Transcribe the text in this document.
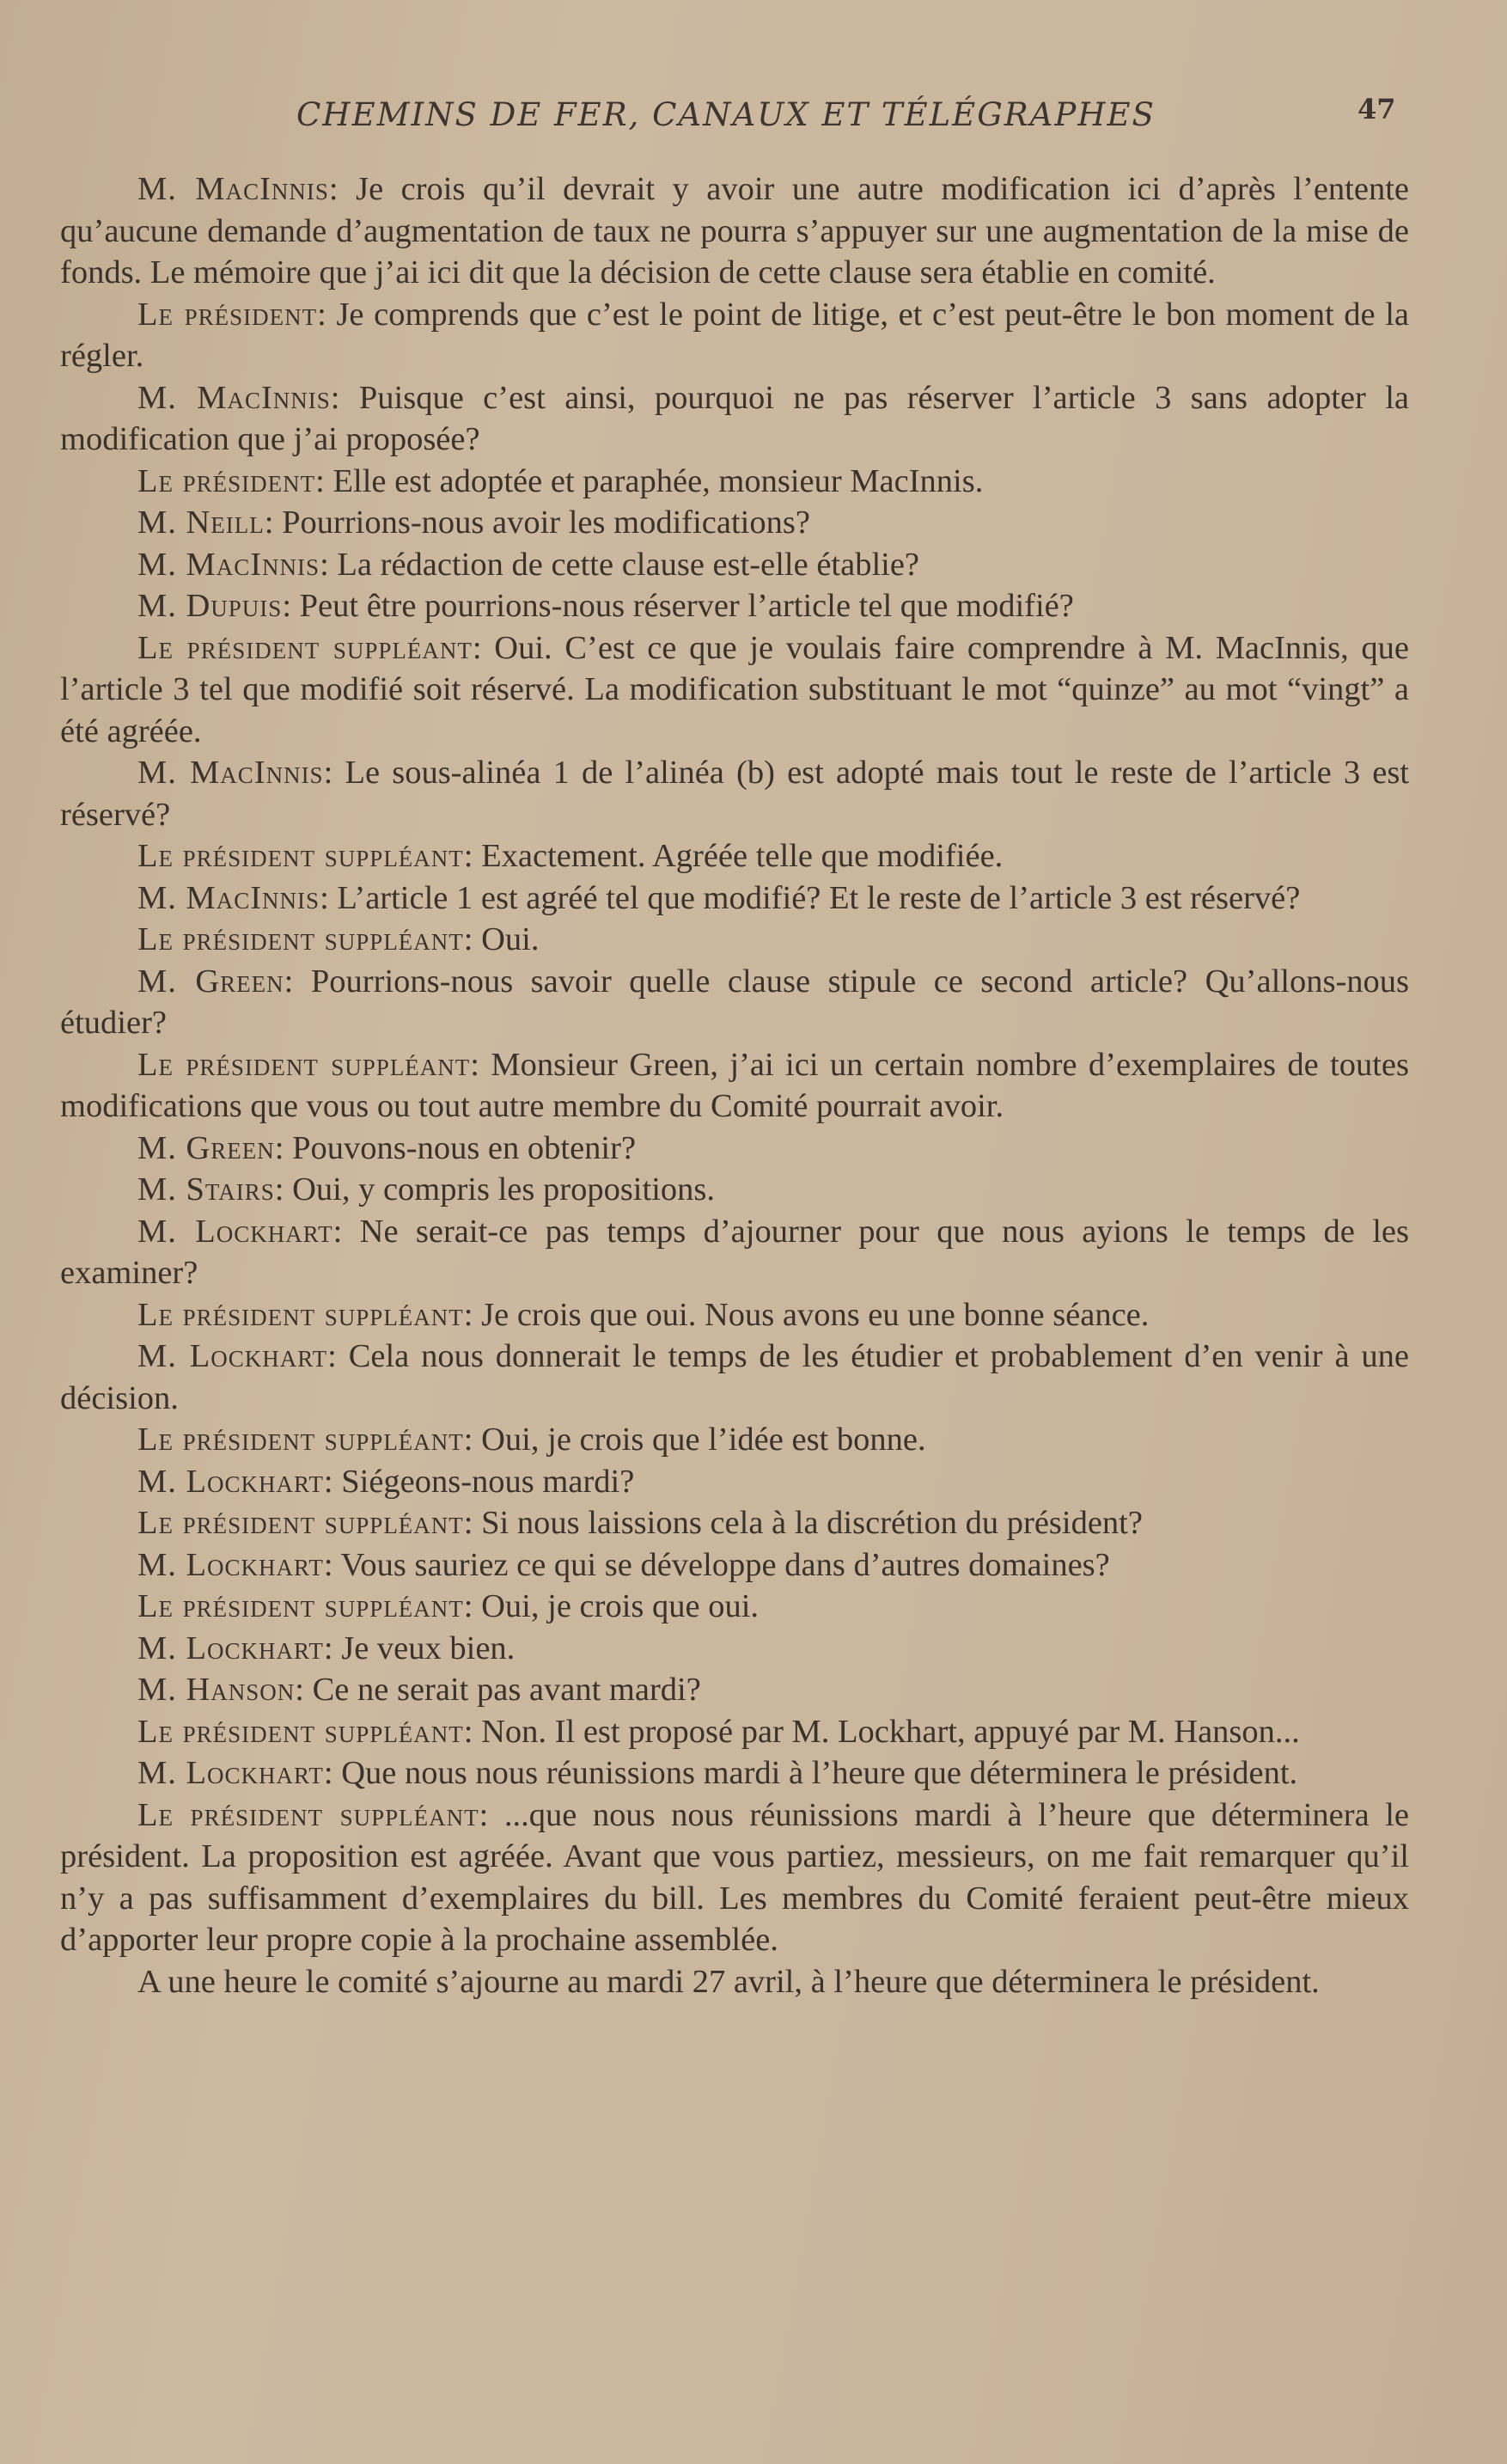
CHEMINS DE FER, CANAUX ET TÉLÉGRAPHES	47

M. MacInnis: Je crois qu’il devrait y avoir une autre modification ici d’après l’entente qu’aucune demande d’augmentation de taux ne pourra s’appuyer sur une augmentation de la mise de fonds. Le mémoire que j’ai ici dit que la décision de cette clause sera établie en comité.

Le président: Je comprends que c’est le point de litige, et c’est peut-être le bon moment de la régler.

M. MacInnis: Puisque c’est ainsi, pourquoi ne pas réserver l’article 3 sans adopter la modification que j’ai proposée?

Le président: Elle est adoptée et paraphée, monsieur MacInnis.

M. Neill: Pourrions-nous avoir les modifications?

M. MacInnis: La rédaction de cette clause est-elle établie?

M. Dupuis: Peut être pourrions-nous réserver l’article tel que modifié?

Le président suppléant: Oui. C’est ce que je voulais faire comprendre à M. MacInnis, que l’article 3 tel que modifié soit réservé. La modification substituant le mot “quinze” au mot “vingt” a été agréée.

M. MacInnis: Le sous-alinéa 1 de l’alinéa (b) est adopté mais tout le reste de l’article 3 est réservé?

Le président suppléant: Exactement. Agréée telle que modifiée.

M. MacInnis: L’article 1 est agréé tel que modifié? Et le reste de l’article 3 est réservé?

Le président suppléant: Oui.

M. Green: Pourrions-nous savoir quelle clause stipule ce second article? Qu’allons-nous étudier?

Le président suppléant: Monsieur Green, j’ai ici un certain nombre d’exemplaires de toutes modifications que vous ou tout autre membre du Comité pourrait avoir.

M. Green: Pouvons-nous en obtenir?

M. Stairs: Oui, y compris les propositions.

M. Lockhart: Ne serait-ce pas temps d’ajourner pour que nous ayions le temps de les examiner?

Le président suppléant: Je crois que oui. Nous avons eu une bonne séance.

M. Lockhart: Cela nous donnerait le temps de les étudier et probablement d’en venir à une décision.

Le président suppléant: Oui, je crois que l’idée est bonne.

M. Lockhart: Siégeons-nous mardi?

Le président suppléant: Si nous laissions cela à la discrétion du président?

M. Lockhart: Vous sauriez ce qui se développe dans d’autres domaines?

Le président suppléant: Oui, je crois que oui.

M. Lockhart: Je veux bien.

M. Hanson: Ce ne serait pas avant mardi?

Le président suppléant: Non. Il est proposé par M. Lockhart, appuyé par M. Hanson...

M. Lockhart: Que nous nous réunissions mardi à l’heure que déterminera le président.

Le président suppléant: ...que nous nous réunissions mardi à l’heure que déterminera le président. La proposition est agréée. Avant que vous partiez, messieurs, on me fait remarquer qu’il n’y a pas suffisamment d’exemplaires du bill. Les membres du Comité feraient peut-être mieux d’apporter leur propre copie à la prochaine assemblée.

A une heure le comité s’ajourne au mardi 27 avril, à l’heure que déterminera le président.
